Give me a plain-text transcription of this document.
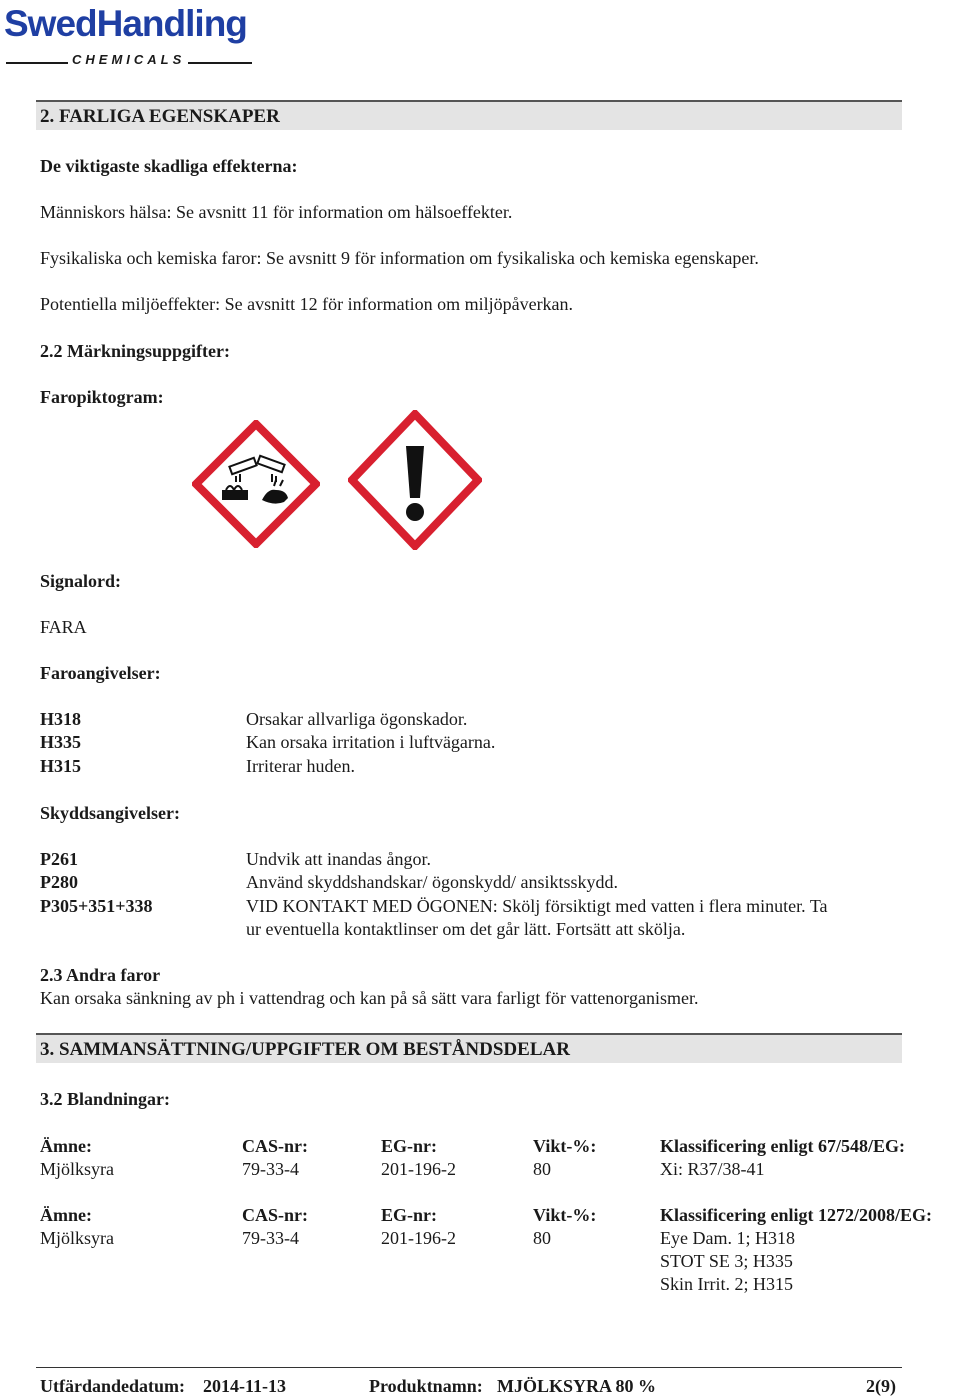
SwedHandling
CHEMICALS
2. FARLIGA EGENSKAPER
De viktigaste skadliga effekterna:
Människors hälsa: Se avsnitt 11 för information om hälsoeffekter.
Fysikaliska och kemiska faror: Se avsnitt 9 för information om fysikaliska och kemiska egenskaper.
Potentiella miljöeffekter: Se avsnitt 12 för information om miljöpåverkan.
2.2 Märkningsuppgifter:
Faropiktogram:
Signalord:
FARA
Faroangivelser:
H318	Orsakar allvarliga ögonskador.
H335	Kan orsaka irritation i luftvägarna.
H315	Irriterar huden.
Skyddsangivelser:
P261	Undvik att inandas ångor.
P280	Använd skyddshandskar/ ögonskydd/ ansiktsskydd.
P305+351+338	VID KONTAKT MED ÖGONEN: Skölj försiktigt med vatten i flera minuter. Ta
ur eventuella kontaktlinser om det går lätt. Fortsätt att skölja.
2.3 Andra faror
Kan orsaka sänkning av ph i vattendrag och kan på så sätt vara farligt för vattenorganismer.
3. SAMMANSÄTTNING/UPPGIFTER OM BESTÅNDSDELAR
3.2 Blandningar:
Ämne:	CAS-nr:	EG-nr:	Vikt-%:	Klassificering enligt 67/548/EG:
Mjölksyra	79-33-4	201-196-2	80	Xi: R37/38-41
Ämne:	CAS-nr:	EG-nr:	Vikt-%:	Klassificering enligt 1272/2008/EG:
Mjölksyra	79-33-4	201-196-2	80	Eye Dam. 1; H318
STOT SE 3; H335
Skin Irrit. 2; H315
Utfärdandedatum: 2014-11-13	Produktnamn: MJÖLKSYRA 80 %	2(9)
